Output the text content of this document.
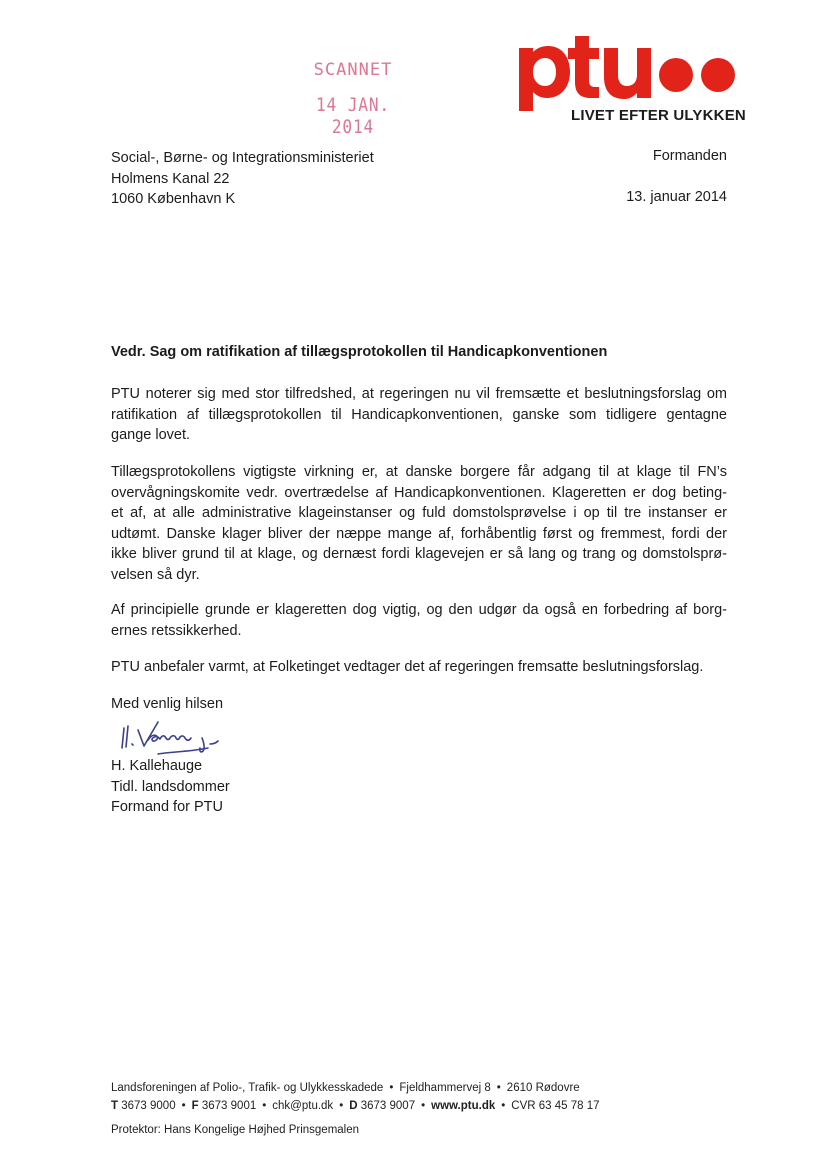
SCANNET
14 JAN. 2014
LIVET EFTER ULYKKEN
Social-, Børne- og Integrationsministeriet
Holmens Kanal 22
1060 København K
Formanden
13. januar 2014
Vedr. Sag om ratifikation af tillægsprotokollen til Handicapkonventionen
PTU noterer sig med stor tilfredshed, at regeringen nu vil fremsætte et beslutningsforslag om
ratifikation af tillægsprotokollen til Handicapkonventionen, ganske som tidligere gentagne
gange lovet.
Tillægsprotokollens vigtigste virkning er, at danske borgere får adgang til at klage til FN’s
overvågningskomite vedr. overtrædelse af Handicapkonventionen. Klageretten er dog beting-
et af, at alle administrative klageinstanser og fuld domstolsprøvelse i op til tre instanser er
udtømt. Danske klager bliver der næppe mange af, forhåbentlig først og fremmest, fordi der
ikke bliver grund til at klage, og dernæst fordi klagevejen er så lang og trang og domstolsprø-
velsen så dyr.
Af principielle grunde er klageretten dog vigtig, og den udgør da også en forbedring af borg-
ernes retssikkerhed.
PTU anbefaler varmt, at Folketinget vedtager det af regeringen fremsatte beslutningsforslag.
Med venlig hilsen
H. Kallehauge
Tidl. landsdommer
Formand for PTU
Landsforeningen af Polio-, Trafik- og Ulykkesskadede • Fjeldhammervej 8 • 2610 Rødovre
T 3673 9000 • F 3673 9001 • chk@ptu.dk • D 3673 9007 • www.ptu.dk • CVR 63 45 78 17
Protektor: Hans Kongelige Højhed Prinsgemalen
